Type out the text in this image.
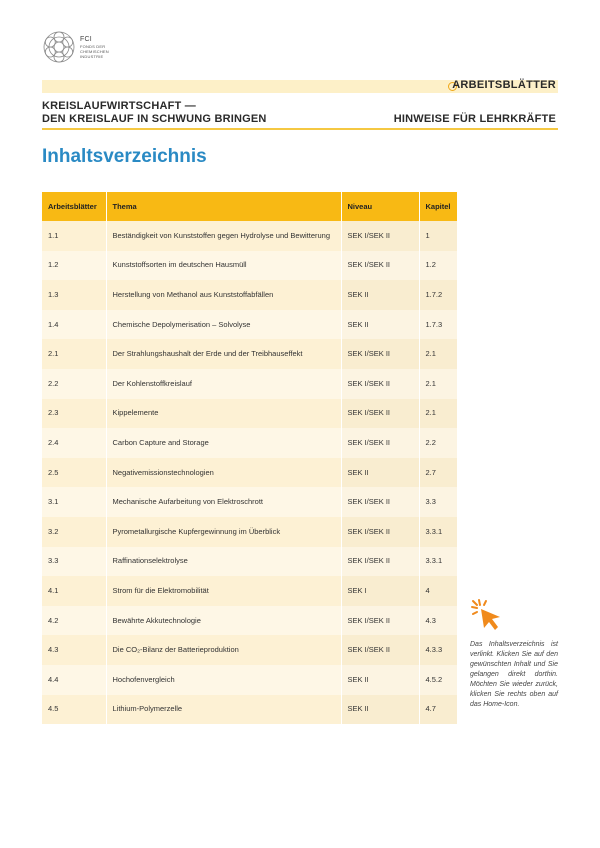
FCI
FONDS DER
CHEMISCHEN
INDUSTRIE
ARBEITSBLÄTTER
KREISLAUFWIRTSCHAFT —
DEN KREISLAUF IN SCHWUNG BRINGEN	HINWEISE FÜR LEHRKRÄFTE
Inhaltsverzeichnis
Arbeitsblätter	Thema	Niveau	Kapitel
1.1	Beständigkeit von Kunststoffen gegen Hydrolyse und Bewitterung	SEK I/SEK II	1
1.2	Kunststoffsorten im deutschen Hausmüll	SEK I/SEK II	1.2
1.3	Herstellung von Methanol aus Kunststoffabfällen	SEK II	1.7.2
1.4	Chemische Depolymerisation – Solvolyse	SEK II	1.7.3
2.1	Der Strahlungshaushalt der Erde und der Treibhauseffekt	SEK I/SEK II	2.1
2.2	Der Kohlenstoffkreislauf	SEK I/SEK II	2.1
2.3	Kippelemente	SEK I/SEK II	2.1
2.4	Carbon Capture and Storage	SEK I/SEK II	2.2
2.5	Negativemissionstechnologien	SEK II	2.7
3.1	Mechanische Aufarbeitung von Elektroschrott	SEK I/SEK II	3.3
3.2	Pyrometallurgische Kupfergewinnung im Überblick	SEK I/SEK II	3.3.1
3.3	Raffinationselektrolyse	SEK I/SEK II	3.3.1
4.1	Strom für die Elektromobilität	SEK I	4
4.2	Bewährte Akkutechnologie	SEK I/SEK II	4.3
4.3	Die CO₂-Bilanz der Batterieproduktion	SEK I/SEK II	4.3.3
4.4	Hochofenvergleich	SEK II	4.5.2
4.5	Lithium-Polymerzelle	SEK II	4.7
Das Inhaltsverzeichnis ist verlinkt. Klicken Sie auf den gewünschten Inhalt und Sie gelangen direkt dorthin. Möchten Sie wieder zurück, klicken Sie rechts oben auf das Home-Icon.
